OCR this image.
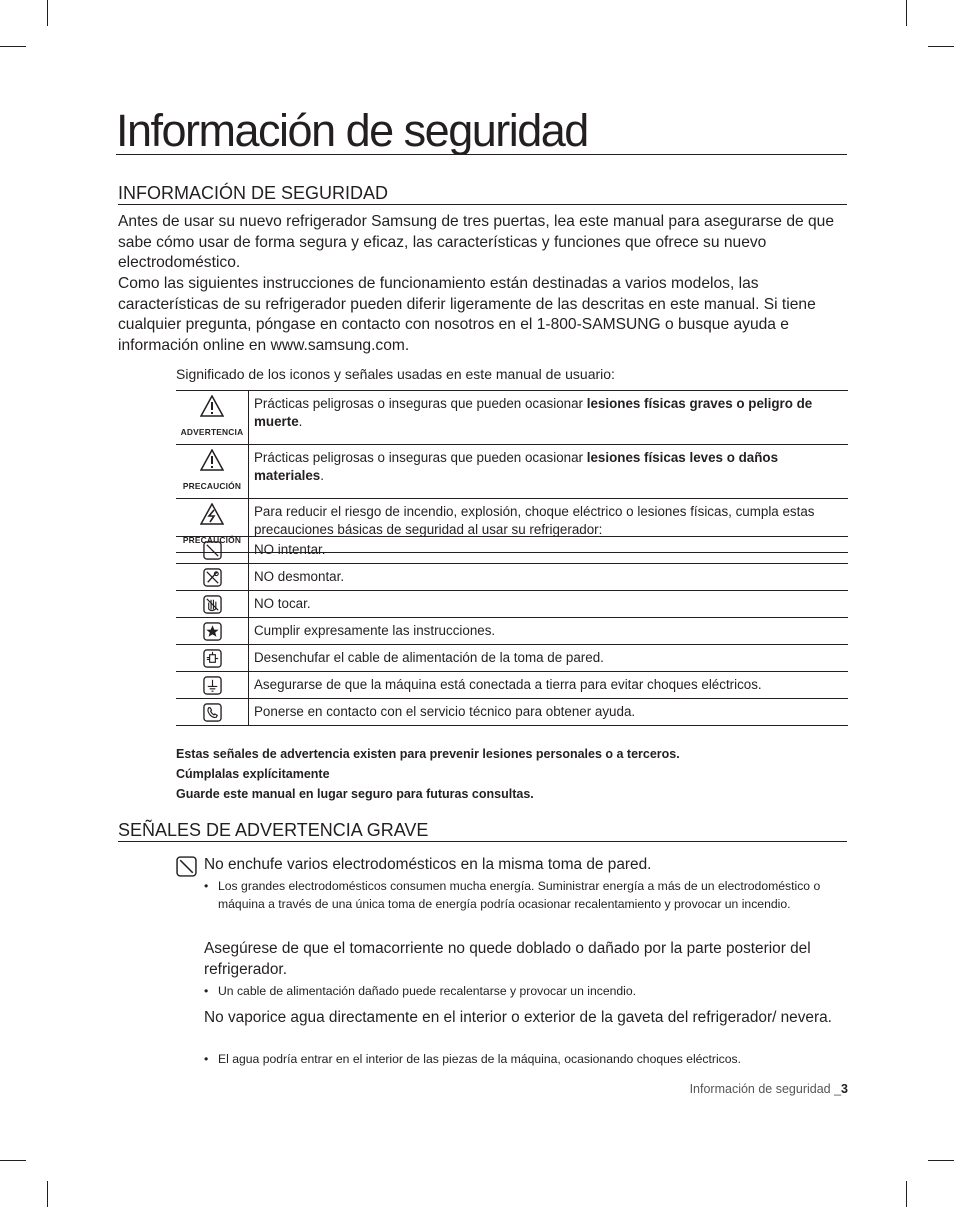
Información de seguridad
INFORMACIÓN DE SEGURIDAD

Antes de usar su nuevo refrigerador Samsung de tres puertas, lea este manual para asegurarse de que sabe cómo usar de forma segura y eficaz, las características y funciones que ofrece su nuevo electrodoméstico.

Como las siguientes instrucciones de funcionamiento están destinadas a varios modelos, las características de su refrigerador pueden diferir ligeramente de las descritas en este manual. Si tiene cualquier pregunta, póngase en contacto con nosotros en el 1-800-SAMSUNG o busque ayuda e información online en www.samsung.com.

Significado de los iconos y señales usadas en este manual de usuario:

ADVERTENCIA	Prácticas peligrosas o inseguras que pueden ocasionar lesiones físicas graves o peligro de muerte.

PRECAUCIÓN	Prácticas peligrosas o inseguras que pueden ocasionar lesiones físicas leves o daños materiales.

PRECAUCIÓN	Para reducir el riesgo de incendio, explosión, choque eléctrico o lesiones físicas, cumpla estas precauciones básicas de seguridad al usar su refrigerador:
	NO intentar.
	NO desmontar.
	NO tocar.
	Cumplir expresamente las instrucciones.
	Desenchufar el cable de alimentación de la toma de pared.
	Asegurarse de que la máquina está conectada a tierra para evitar choques eléctricos.
	Ponerse en contacto con el servicio técnico para obtener ayuda.
Estas señales de advertencia existen para prevenir lesiones personales o a terceros.
Cúmplalas explícitamente
Guarde este manual en lugar seguro para futuras consultas.
SEÑALES DE ADVERTENCIA GRAVE
No enchufe varios electrodomésticos en la misma toma de pared.
• Los grandes electrodomésticos consumen mucha energía. Suministrar energía a más de un electrodoméstico o máquina a través de una única toma de energía podría ocasionar recalentamiento y provocar un incendio.
Asegúrese de que el tomacorriente no quede doblado o dañado por la parte posterior del refrigerador.
• Un cable de alimentación dañado puede recalentarse y provocar un incendio.
No vaporice agua directamente en el interior o exterior de la gaveta del refrigerador/ nevera.
• El agua podría entrar en el interior de las piezas de la máquina, ocasionando choques eléctricos.
Información de seguridad _3
